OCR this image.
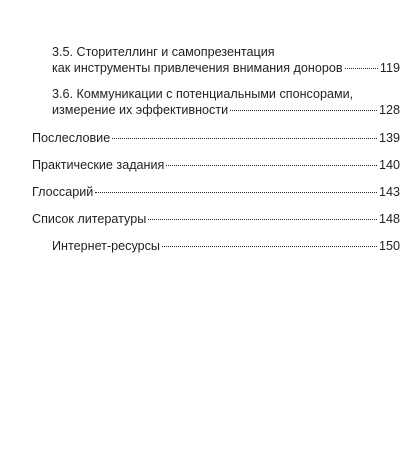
3.5. Сторителлинг и самопрезентация
как инструменты привлечения внимания доноров	119
3.6. Коммуникации с потенциальными спонсорами,
измерение их эффективности	128
Послесловие	139
Практические задания	140
Глоссарий	143
Список литературы	148
Интернет-ресурсы	150
